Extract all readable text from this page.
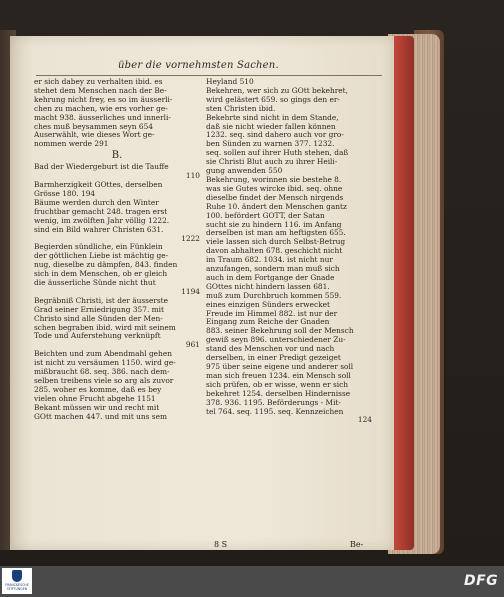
über die vornehmsten Sachen.
er sich dabey zu verhalten ibid. es
stehet dem Menschen nach der Be-
kehrung nicht frey, es so im äusserli-
chen zu machen, wie ers vorher ge-
macht 938. äusserliches und innerli-
ches muß beysammen seyn 654
Auserwählt, wie dieses Wort ge-
nommen werde 291
B.
Bad der Wiedergeburt ist die Tauffe
110
Barmherzigkeit GOttes, derselben
Grösse 180. 194
Bäume werden durch den Winter
fruchtbar gemacht 248. tragen erst
wenig, im zwölften Jahr völlig 1222.
sind ein Bild wahrer Christen 631.
1222
Begierden sündliche, ein Fünklein
der göttlichen Liebe ist mächtig ge-
nug, dieselbe zu dämpfen, 843. finden
sich in dem Menschen, ob er gleich
die äusserliche Sünde nicht thut
1194
Begräbniß Christi, ist der äusserste
Grad seiner Erniedrigung 357. mit
Christo sind alle Sünden der Men-
schen begraben ibid. wird mit seinem
Tode und Auferstehung verknüpft
961
Beichten und zum Abendmahl gehen
ist nicht zu versäumen 1150. wird ge-
mißbraucht 68. seq. 386. nach dem-
selben treibens viele so arg als zuvor
285. woher es komme, daß es bey
vielen ohne Frucht abgehe 1151
Bekant müssen wir und recht mit
GOtt machen 447. und mit uns sem
Heyland 510
Bekehren, wer sich zu GOtt bekehret,
wird gelästert 659. so gings den er-
sten Christen ibid.
Bekehrte sind nicht in dem Stande,
daß sie nicht wieder fallen können
1232. seq. sind dahero auch vor gro-
ben Sünden zu warnen 377. 1232.
seq. sollen auf ihrer Huth stehen, daß
sie Christi Blut auch zu ihrer Heili-
gung anwenden 550
Bekehrung, worinnen sie bestehe 8.
was sie Gutes wircke ibid. seq. ohne
dieselbe findet der Mensch nirgends
Ruhe 10. ändert den Menschen gantz
100. befördert GOTT, der Satan
sucht sie zu hindern 116. im Anfang
derselben ist man am heftigsten 655.
viele lassen sich durch Selbst-Betrug
davon abhalten 678. geschicht nicht
im Traum 682. 1034. ist nicht nur
anzufangen, sondern man muß sich
auch in dem Fortgange der Gnade
GOttes nicht hindern lassen 681.
muß zum Durchbruch kommen 559.
eines einzigen Sünders erwecket
Freude im Himmel 882. ist nur der
Eingang zum Reiche der Gnaden
883. seiner Bekehrung soll der Mensch
gewiß seyn 896. unterschiedener Zu-
stand des Menschen vor und nach
derselben, in einer Predigt gezeiget
975 über seine eigene und anderer soll
man sich freuen 1234. ein Mensch soll
sich prüfen, ob er wisse, wenn er sich
bekehret 1254. derselben Hindernisse
378. 936. 1195. Beförderungs - Mit-
tel 764. seq. 1195. seq. Kennzeichen
124
8 S	Be-
FRANCKESCHE STIFTUNGEN	DFG
